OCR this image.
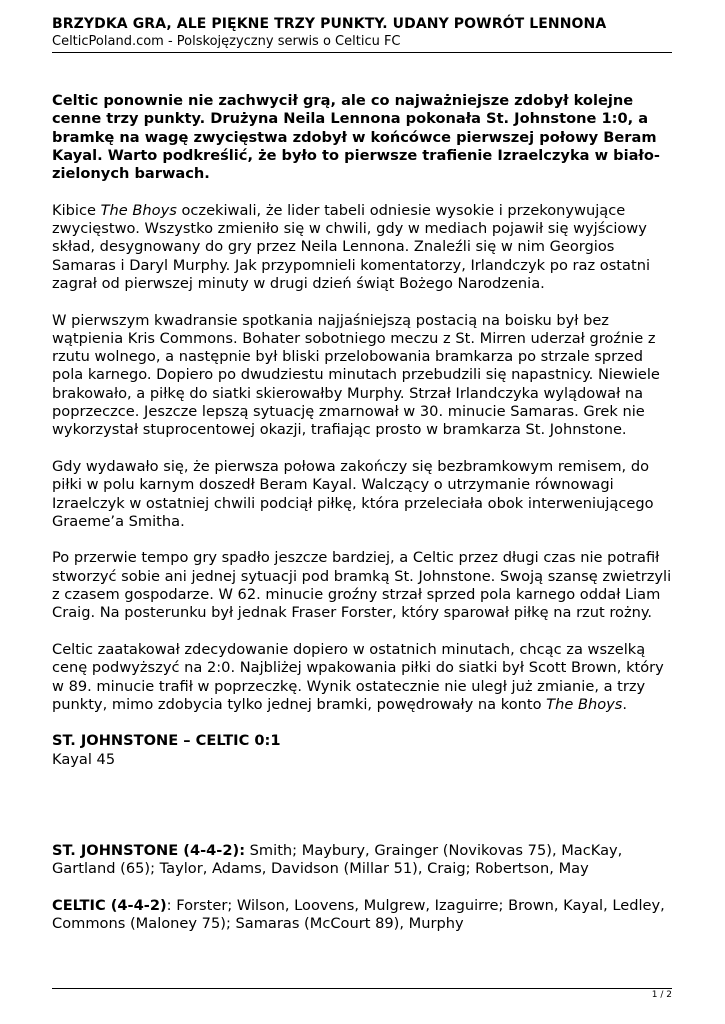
BRZYDKA GRA, ALE PIĘKNE TRZY PUNKTY. UDANY POWRÓT LENNONA
CelticPoland.com - Polskojęzyczny serwis o Celticu FC

Celtic ponownie nie zachwycił grą, ale co najważniejsze zdobył kolejne cenne trzy punkty. Drużyna Neila Lennona pokonała St. Johnstone 1:0, a bramkę na wagę zwycięstwa zdobył w końcówce pierwszej połowy Beram Kayal. Warto podkreślić, że było to pierwsze trafienie Izraelczyka w biało-zielonych barwach.

Kibice The Bhoys oczekiwali, że lider tabeli odniesie wysokie i przekonywujące zwycięstwo. Wszystko zmieniło się w chwili, gdy w mediach pojawił się wyjściowy skład, desygnowany do gry przez Neila Lennona. Znaleźli się w nim Georgios Samaras i Daryl Murphy. Jak przypomnieli komentatorzy, Irlandczyk po raz ostatni zagrał od pierwszej minuty w drugi dzień świąt Bożego Narodzenia.

W pierwszym kwadransie spotkania najjaśniejszą postacią na boisku był bez wątpienia Kris Commons. Bohater sobotniego meczu z St. Mirren uderzał groźnie z rzutu wolnego, a następnie był bliski przelobowania bramkarza po strzale sprzed pola karnego. Dopiero po dwudziestu minutach przebudzili się napastnicy. Niewiele brakowało, a piłkę do siatki skierowałby Murphy. Strzał Irlandczyka wylądował na poprzeczce. Jeszcze lepszą sytuację zmarnował w 30. minucie Samaras. Grek nie wykorzystał stuprocentowej okazji, trafiając prosto w bramkarza St. Johnstone.

Gdy wydawało się, że pierwsza połowa zakończy się bezbramkowym remisem, do piłki w polu karnym doszedł Beram Kayal. Walczący o utrzymanie równowagi Izraelczyk w ostatniej chwili podciął piłkę, która przeleciała obok interweniującego Graeme’a Smitha.

Po przerwie tempo gry spadło jeszcze bardziej, a Celtic przez długi czas nie potrafił stworzyć sobie ani jednej sytuacji pod bramką St. Johnstone. Swoją szansę zwietrzyli z czasem gospodarze. W 62. minucie groźny strzał sprzed pola karnego oddał Liam Craig. Na posterunku był jednak Fraser Forster, który sparował piłkę na rzut rożny.

Celtic zaatakował zdecydowanie dopiero w ostatnich minutach, chcąc za wszelką cenę podwyższyć na 2:0. Najbliżej wpakowania piłki do siatki był Scott Brown, który w 89. minucie trafił w poprzeczkę. Wynik ostatecznie nie uległ już zmianie, a trzy punkty, mimo zdobycia tylko jednej bramki, powędrowały na konto The Bhoys.

ST. JOHNSTONE – CELTIC 0:1

Kayal 45

ST. JOHNSTONE (4-4-2): Smith; Maybury, Grainger (Novikovas 75), MacKay, Gartland (65); Taylor, Adams, Davidson (Millar 51), Craig; Robertson, May

CELTIC (4-4-2): Forster; Wilson, Loovens, Mulgrew, Izaguirre; Brown, Kayal, Ledley, Commons (Maloney 75); Samaras (McCourt 89), Murphy

1 / 2
